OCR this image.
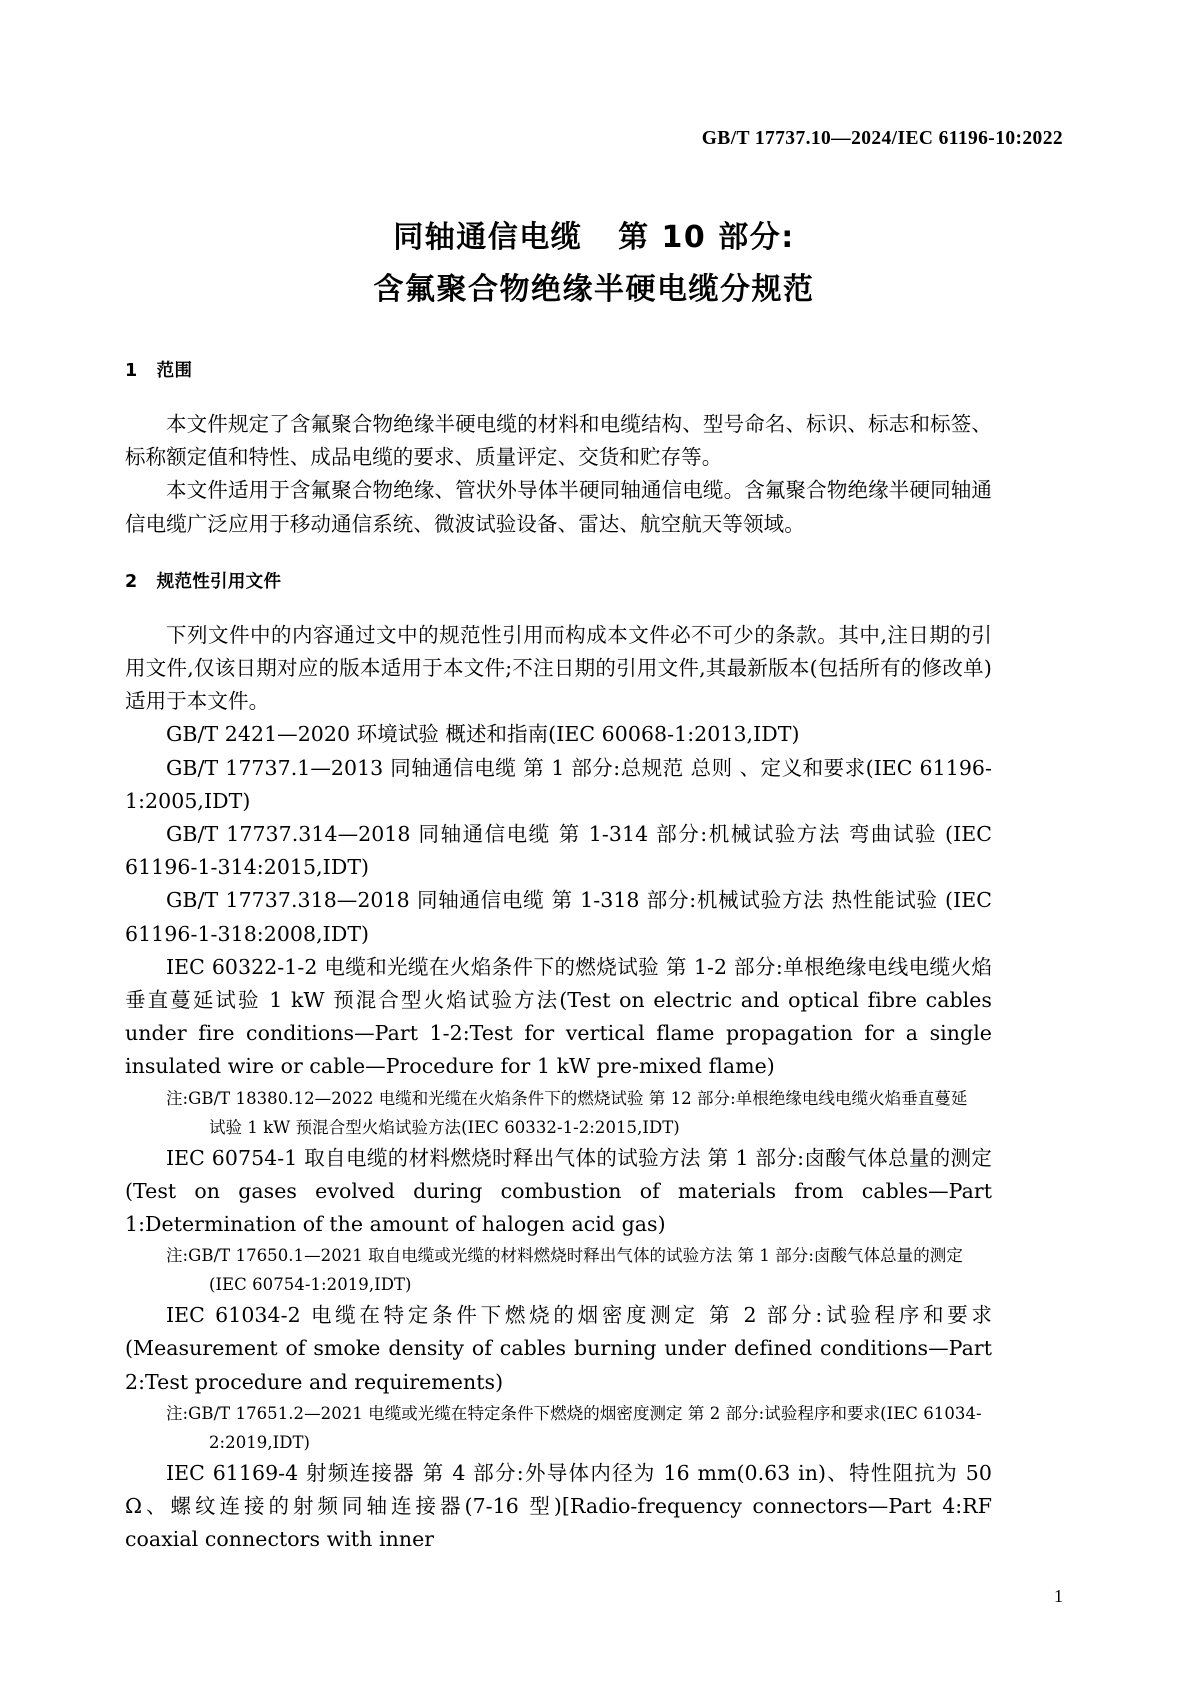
GB/T 17737.10—2024/IEC 61196-10:2022
同轴通信电缆   第 10 部分:
含氟聚合物绝缘半硬电缆分规范
1   范围

本文件规定了含氟聚合物绝缘半硬电缆的材料和电缆结构、型号命名、标识、标志和标签、标称额定值和特性、成品电缆的要求、质量评定、交货和贮存等。

本文件适用于含氟聚合物绝缘、管状外导体半硬同轴通信电缆。含氟聚合物绝缘半硬同轴通信电缆广泛应用于移动通信系统、微波试验设备、雷达、航空航天等领域。

2   规范性引用文件

下列文件中的内容通过文中的规范性引用而构成本文件必不可少的条款。其中,注日期的引用文件,仅该日期对应的版本适用于本文件;不注日期的引用文件,其最新版本(包括所有的修改单)适用于本文件。

GB/T 2421—2020 环境试验 概述和指南(IEC 60068-1:2013,IDT)

GB/T 17737.1—2013 同轴通信电缆 第 1 部分:总规范 总则 、定义和要求(IEC 61196-1:2005,IDT)

GB/T 17737.314—2018 同轴通信电缆 第 1-314 部分:机械试验方法 弯曲试验 (IEC 61196-1-314:2015,IDT)

GB/T 17737.318—2018 同轴通信电缆 第 1-318 部分:机械试验方法 热性能试验 (IEC 61196-1-318:2008,IDT)

IEC 60322-1-2 电缆和光缆在火焰条件下的燃烧试验 第 1-2 部分:单根绝缘电线电缆火焰垂直蔓延试验 1 kW 预混合型火焰试验方法(Test on electric and optical fibre cables under fire conditions—Part 1-2:Test for vertical flame propagation for a single insulated wire or cable—Procedure for 1 kW pre-mixed flame)

注:GB/T 18380.12—2022 电缆和光缆在火焰条件下的燃烧试验 第 12 部分:单根绝缘电线电缆火焰垂直蔓延
试验 1 kW 预混合型火焰试验方法(IEC 60332-1-2:2015,IDT)

IEC 60754-1 取自电缆的材料燃烧时释出气体的试验方法 第 1 部分:卤酸气体总量的测定(Test on gases evolved during combustion of materials from cables—Part 1:Determination of the amount of halogen acid gas)

注:GB/T 17650.1—2021 取自电缆或光缆的材料燃烧时释出气体的试验方法 第 1 部分:卤酸气体总量的测定
(IEC 60754-1:2019,IDT)

IEC 61034-2 电缆在特定条件下燃烧的烟密度测定 第 2 部分:试验程序和要求(Measurement of smoke density of cables burning under defined conditions—Part 2:Test procedure and requirements)

注:GB/T 17651.2—2021 电缆或光缆在特定条件下燃烧的烟密度测定 第 2 部分:试验程序和要求(IEC 61034-
2:2019,IDT)

IEC 61169-4 射频连接器 第 4 部分:外导体内径为 16 mm(0.63 in)、特性阻抗为 50 Ω、螺纹连接的射频同轴连接器(7-16 型)[Radio-frequency connectors—Part 4:RF coaxial connectors with inner

1
